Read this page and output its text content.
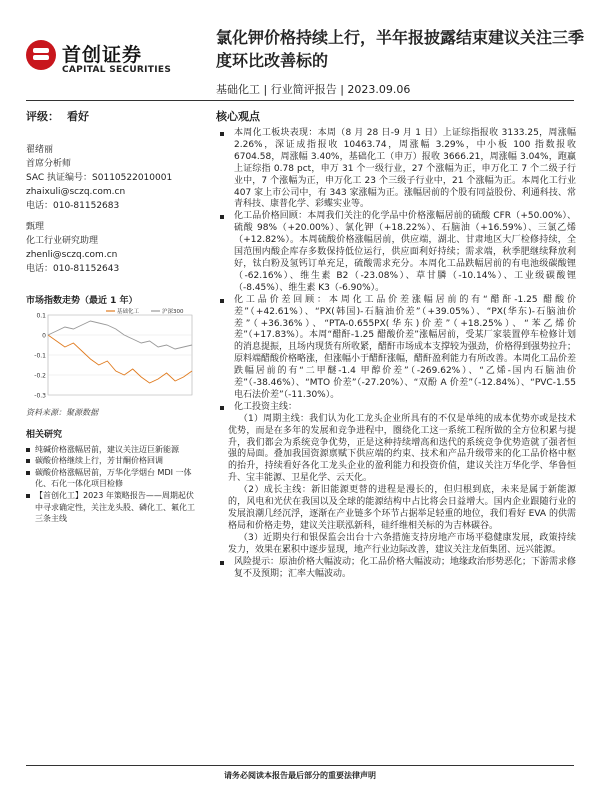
首创证券
CAPITAL SECURITIES
氯化钾价格持续上行，半年报披露结束建议关注三季度环比改善标的
基础化工 | 行业简评报告 | 2023.09.06
评级： 看好	核心观点
翟绪丽
首席分析师
SAC 执证编号：S0110522010001
zhaixuli@sczq.com.cn
电话：010-81152683
甄理
化工行业研究助理
zhenli@sczq.com.cn
电话：010-81152643
市场指数走势（最近 1 年）
0.1
0
-0.1
-0.2
-0.3
基础化工	沪深300
资料来源：聚源数据
相关研究
纯碱价格涨幅居前，建议关注迈巨新能源
碳酸价格继续上行，芳甘酮价格回调
碳酸价格涨幅居前，万华化学烟台 MDI 一体化、石化一体化项目检修
【首创化工】2023 年策略报告——周期起伏中寻求确定性，关注龙头股、磷化工、氟化工三条主线

本周化工板块表现：本周（8 月 28 日-9 月 1 日）上证综指报收 3133.25，周涨幅 2.26%，深证成指报收 10463.74，周涨幅 3.29%，中小板 100 指数报收 6704.58，周涨幅 3.40%，基础化工（申万）报收 3666.21，周涨幅 3.04%，跑赢上证综指 0.78 pct，申万 31 个一级行业，27 个涨幅为正，申万化工 7 个二级子行业中，7 个涨幅为正，申万化工 23 个三级子行业中，21 个涨幅为正。本周化工行业 407 家上市公司中，有 343 家涨幅为正。涨幅居前的个股有同益股份、利通科技、常青科技、康普化学、彩蝶实业等。

化工品价格回顾：本周我们关注的化学品中价格涨幅居前的硫酸 CFR（+50.00%）、硫酸 98%（+20.00%）、氯化钾（+18.22%）、石脑油（+16.59%）、三氯乙烯（+12.82%）。本周硫酸价格涨幅居前，供应端，湖北、甘肃地区大厂检修持续，全国范围内酸企库存多数保持低位运行，供应面利好持续；需求端，秋季肥继续释放利好，钛白粉及氢钙订单充足，硫酸需求充分。本周化工品跌幅居前的有电池级碳酸锂（-62.16%）、维生素 B2（-23.08%）、草甘膦（-10.14%）、工业级碳酸锂（-8.45%）、维生素 K3（-6.90%）。

化工品价差回顾：本周化工品价差涨幅居前的有“醋酐-1.25 醋酸价差”（+42.61%）、“PX(韩国)-石脑油价差”（+39.05%）、“PX(华东)-石脑油价差”（+36.36%）、“PTA-0.655PX(华东)价差”（+18.25%）、“苯乙烯价差”（+17.83%）。本周“醋酐-1.25 醋酸价差”涨幅居前，受某厂家装置停车检修计划的消息提振，且场内现货有所收紧，醋酐市场成本支撑较为强劲，价格得到强势拉升；原料端醋酸价格略涨，但涨幅小于醋酐涨幅，醋酐盈利能力有所改善。本周化工品价差跌幅居前的有“二甲醚-1.4 甲醇价差”（-269.62%）、“乙烯-国内石脑油价差”（-38.46%）、“MTO 价差”（-27.20%）、“双酚 A 价差”（-12.84%）、“PVC-1.55 电石法价差”（-11.30%）。

化工投资主线：

（1）周期主线：我们认为化工龙头企业所具有的不仅是单纯的成本优势亦或是技术优势，而是在多年的发展和竞争进程中，圈绕化工这一系统工程所做的全方位积累与提升，我们都会为系统竞争优势，正是这种持续增高和迭代的系统竞争优势造就了强者恒强的局面。叠加我国资源禀赋下供应端的约束、技术和产品升级带来的化工品价格中枢的抬升，持续看好各化工龙头企业的盈利能力和投资价值，建议关注万华化学、华鲁恒升、宝丰能源、卫星化学、云天化。

（2）成长主线：新旧能源更替的进程是漫长的，但归根到底，未来是属于新能源的，风电和光伏在我国以及全球的能源结构中占比将会日益增大。国内企业跟随行业的发展浪潮几经沉浮，逐渐在产业链多个环节占据举足轻重的地位，我们看好 EVA 的供需格局和价格走势，建议关注联泓新科，硅纤维相关标的为吉林碳谷。

（3）近期央行和银保监会出台十六条措施支持房地产市场平稳健康发展，政策持续发力，效果在累积中逐步显现，地产行业边际改善，建议关注龙佰集团、远兴能源。

风险提示：原油价格大幅波动；化工品价格大幅波动；地缘政治形势恶化；下游需求修复不及预期；汇率大幅波动。

请务必阅读本报告最后部分的重要法律声明
